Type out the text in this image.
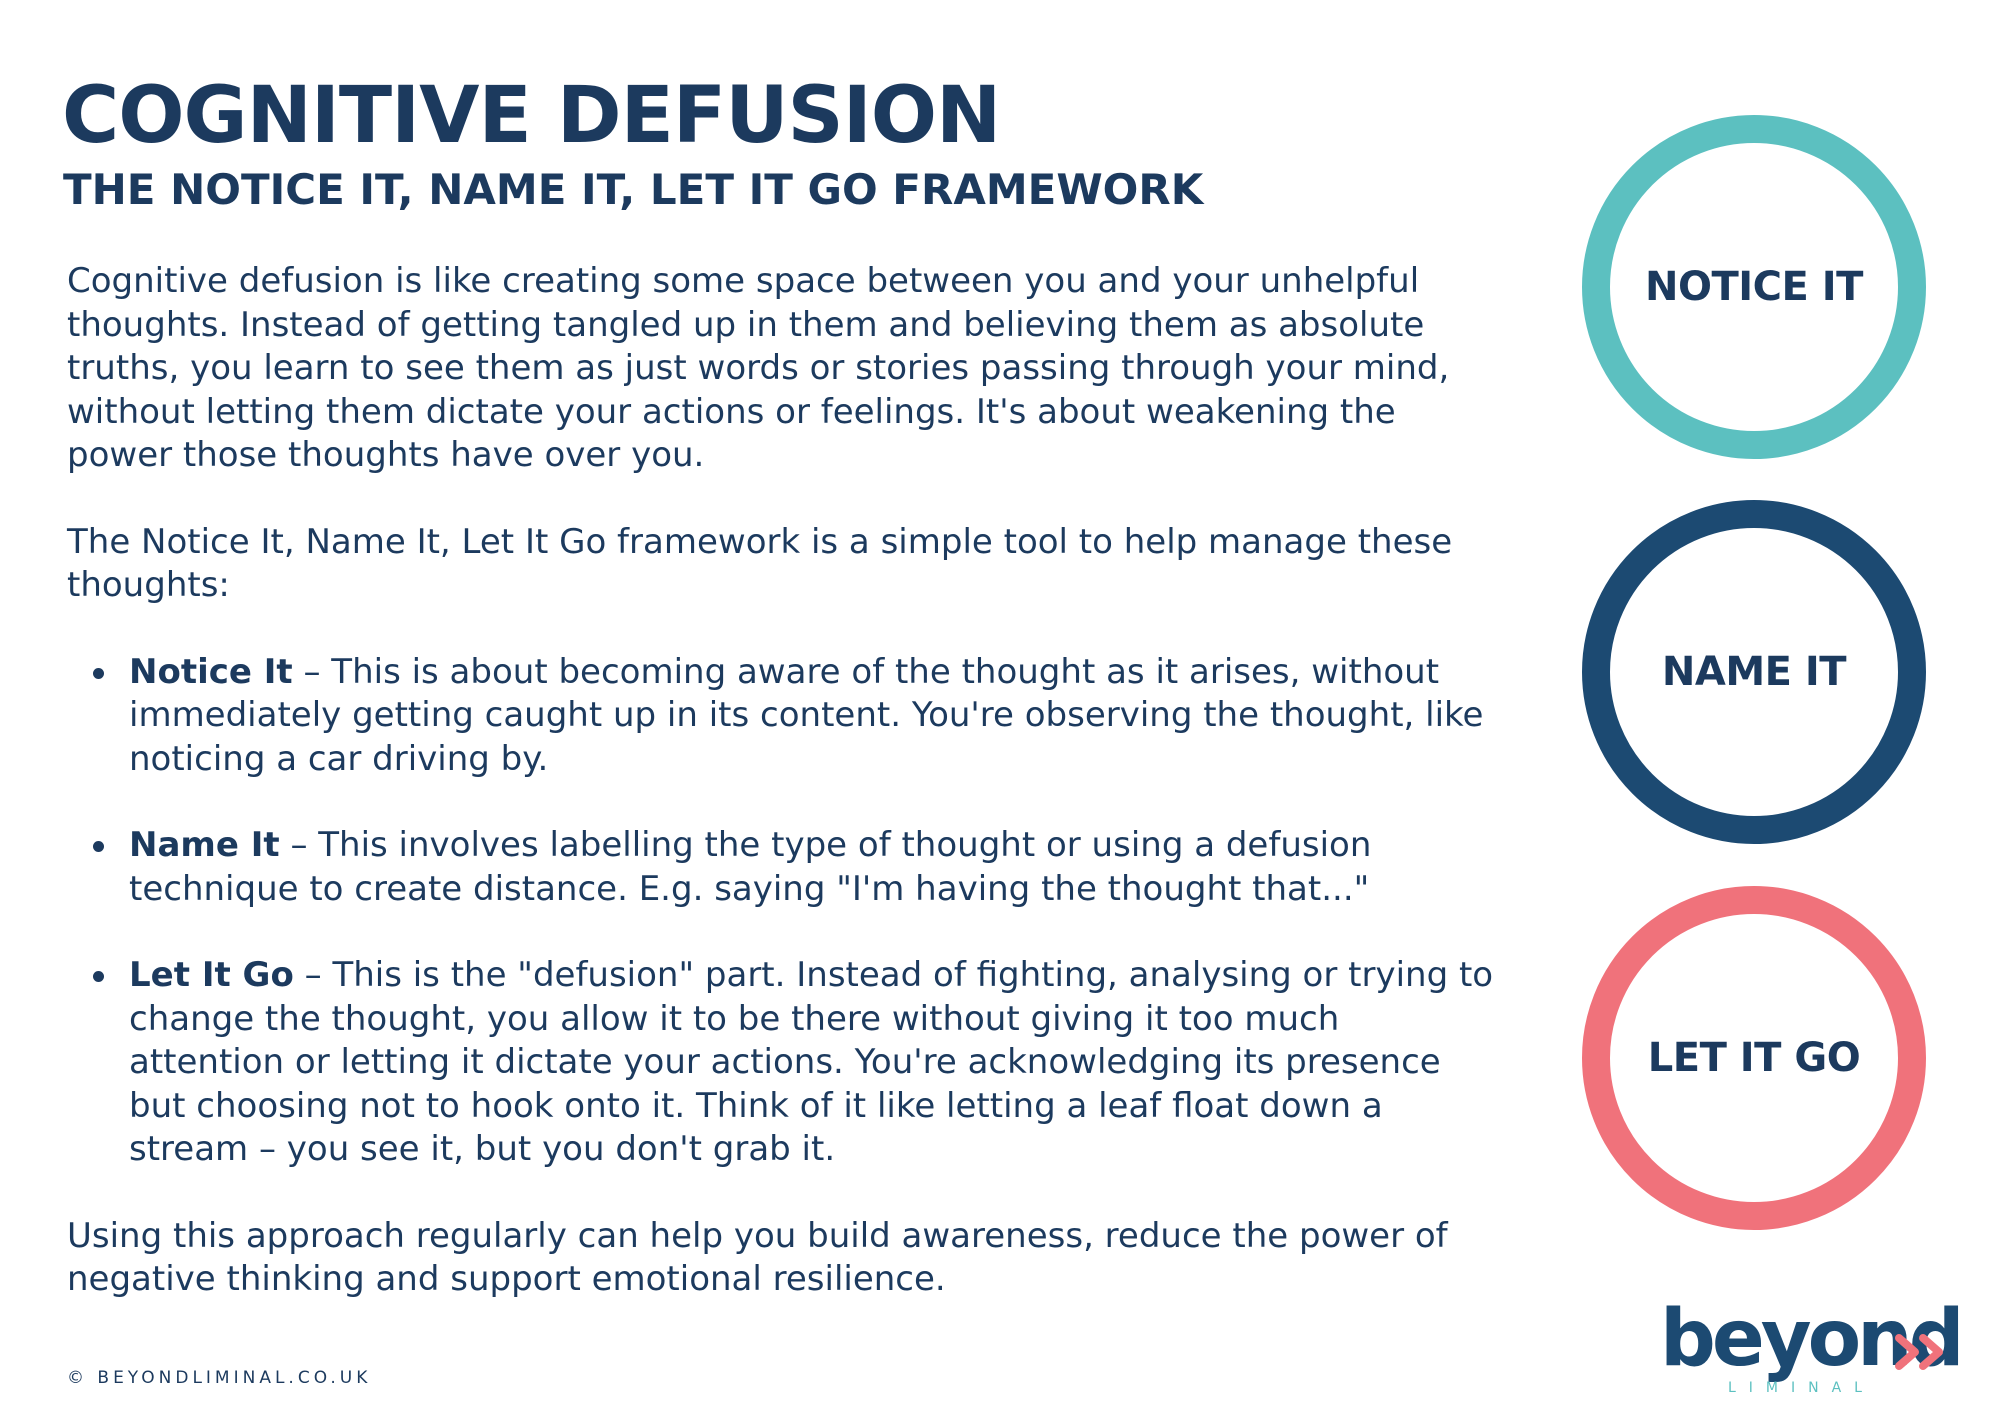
COGNITIVE DEFUSION
THE NOTICE IT, NAME IT, LET IT GO FRAMEWORK

Cognitive defusion is like creating some space between you and your unhelpful thoughts. Instead of getting tangled up in them and believing them as absolute truths, you learn to see them as just words or stories passing through your mind, without letting them dictate your actions or feelings. It's about weakening the power those thoughts have over you.

The Notice It, Name It, Let It Go framework is a simple tool to help manage these thoughts:

Notice It – This is about becoming aware of the thought as it arises, without immediately getting caught up in its content. You're observing the thought, like noticing a car driving by.
Name It – This involves labelling the type of thought or using a defusion technique to create distance. E.g. saying "I'm having the thought that..."
Let It Go – This is the "defusion" part. Instead of fighting, analysing or trying to change the thought, you allow it to be there without giving it too much attention or letting it dictate your actions. You're acknowledging its presence but choosing not to hook onto it. Think of it like letting a leaf float down a stream – you see it, but you don't grab it.

Using this approach regularly can help you build awareness, reduce the power of negative thinking and support emotional resilience.

NOTICE IT
NAME IT
LET IT GO
© BEYONDLIMINAL.CO.UK	beyond
LIMINAL
